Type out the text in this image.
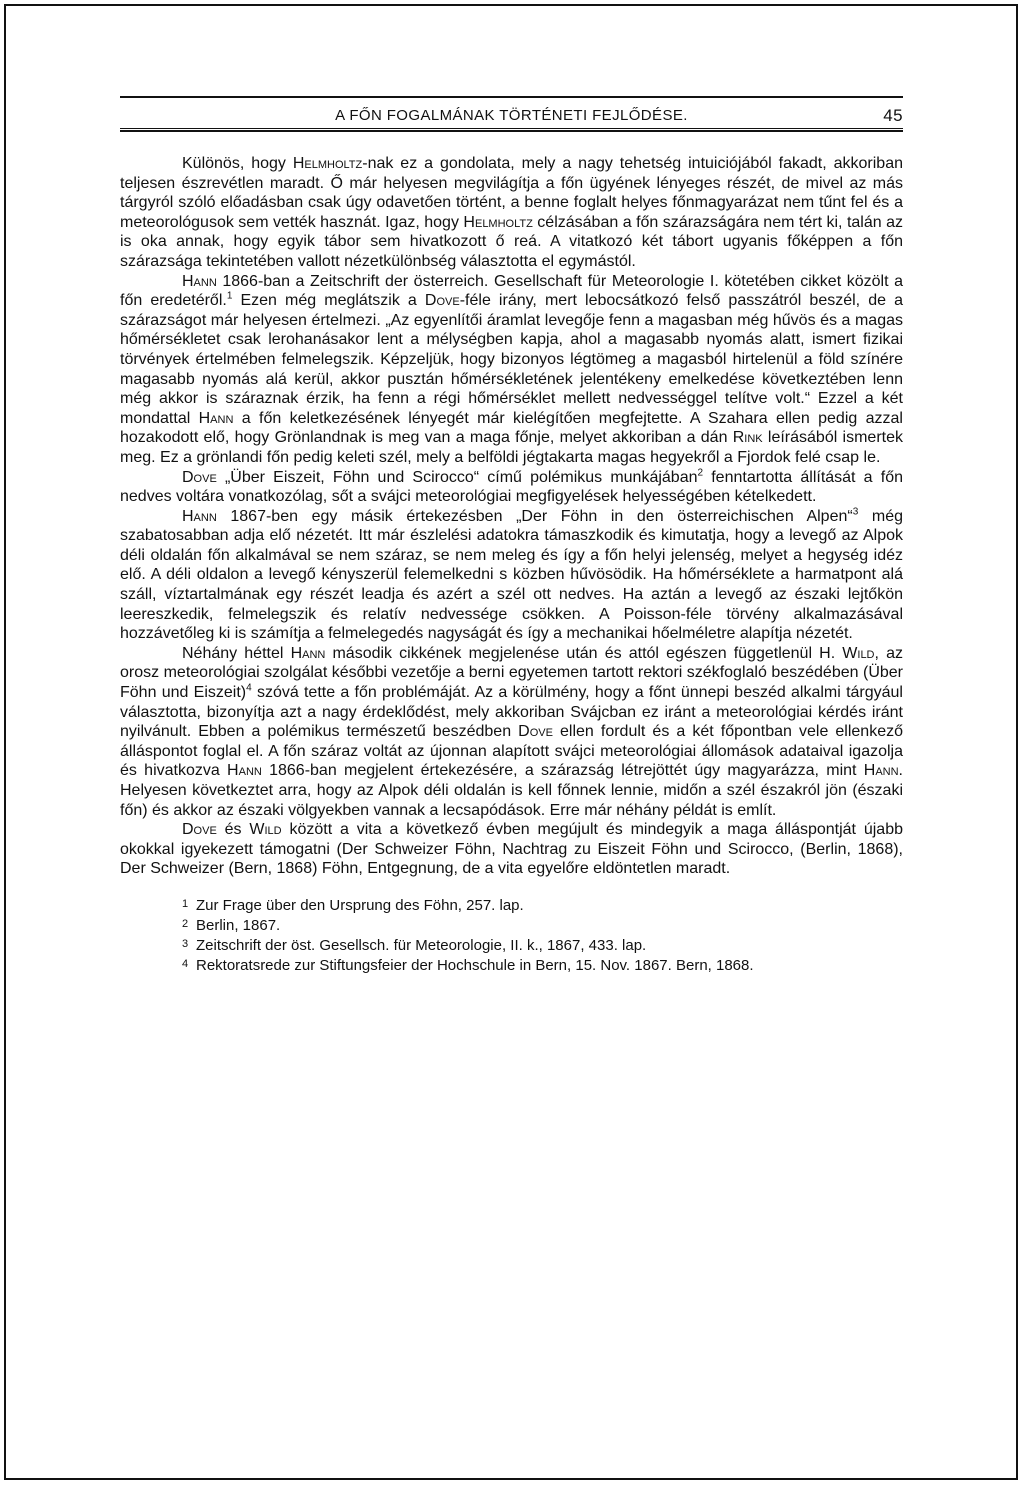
A FŐN FOGALMÁNAK TÖRTÉNETI FEJLŐDÉSE.	45

Különös, hogy Helmholtz-nak ez a gondolata, mely a nagy tehetség intuiciójából fakadt, akkoriban teljesen észrevétlen maradt. Ő már helyesen megvilágítja a főn ügyének lényeges részét, de mivel az más tárgyról szóló előadásban csak úgy odavetően történt, a benne foglalt helyes főnmagyarázat nem tűnt fel és a meteorológusok sem vették hasznát. Igaz, hogy Helmholtz célzásában a főn szárazságára nem tért ki, talán az is oka annak, hogy egyik tábor sem hivatkozott ő reá. A vitatkozó két tábort ugyanis főképpen a főn szárazsága tekintetében vallott nézetkülönbség választotta el egymástól.

Hann 1866-ban a Zeitschrift der österreich. Gesellschaft für Meteorologie I. kötetében cikket közölt a főn eredetéről.$^1$ Ezen még meglátszik a Dove-féle irány, mert lebocsátkozó felső passzátról beszél, de a szárazságot már helyesen értelmezi. „Az egyenlítői áramlat levegője fenn a magasban még hűvös és a magas hőmérsékletet csak lerohanásakor lent a mélységben kapja, ahol a magasabb nyomás alatt, ismert fizikai törvények értelmében felmelegszik. Képzeljük, hogy bizonyos légtömeg a magasból hirtelenül a föld színére magasabb nyomás alá kerül, akkor pusztán hőmérsékletének jelentékeny emelkedése következtében lenn még akkor is száraznak érzik, ha fenn a régi hőmérséklet mellett nedvességgel telítve volt.“ Ezzel a két mondattal Hann a főn keletkezésének lényegét már kielégítően megfejtette. A Szahara ellen pedig azzal hozakodott elő, hogy Grönlandnak is meg van a maga főnje, melyet akkoriban a dán Rink leírásából ismertek meg. Ez a grönlandi főn pedig keleti szél, mely a belföldi jégtakarta magas hegyekről a Fjordok felé csap le.

Dove „Über Eiszeit, Föhn und Scirocco“ című polémikus munkájában$^2$ fenntartotta állítását a főn nedves voltára vonatkozólag, sőt a svájci meteorológiai megfigyelések helyességében kételkedett.

Hann 1867-ben egy másik értekezésben „Der Föhn in den österreichischen Alpen“$^3$ még szabatosabban adja elő nézetét. Itt már észlelési adatokra támaszkodik és kimutatja, hogy a levegő az Alpok déli oldalán főn alkalmával se nem száraz, se nem meleg és így a főn helyi jelenség, melyet a hegység idéz elő. A déli oldalon a levegő kényszerül felemelkedni s közben hűvösödik. Ha hőmérséklete a harmatpont alá száll, víztartalmának egy részét leadja és azért a szél ott nedves. Ha aztán a levegő az északi lejtőkön leereszkedik, felmelegszik és relatív nedvessége csökken. A Poisson-féle törvény alkalmazásával hozzávetőleg ki is számítja a felmelegedés nagyságát és így a mechanikai hőelméletre alapítja nézetét.

Néhány héttel Hann második cikkének megjelenése után és attól egészen függetlenül H. Wild, az orosz meteorológiai szolgálat későbbi vezetője a berni egyetemen tartott rektori székfoglaló beszédében (Über Föhn und Eiszeit)$^4$ szóvá tette a főn problémáját. Az a körülmény, hogy a főnt ünnepi beszéd alkalmi tárgyául választotta, bizonyítja azt a nagy érdeklődést, mely akkoriban Svájcban ez iránt a meteorológiai kérdés iránt nyilvánult. Ebben a polémikus természetű beszédben Dove ellen fordult és a két főpontban vele ellenkező álláspontot foglal el. A főn száraz voltát az újonnan alapított svájci meteorológiai állomások adataival igazolja és hivatkozva Hann 1866-ban megjelent értekezésére, a szárazság létrejöttét úgy magyarázza, mint Hann. Helyesen következtet arra, hogy az Alpok déli oldalán is kell főnnek lennie, midőn a szél északról jön (északi főn) és akkor az északi völgyekben vannak a lecsapódások. Erre már néhány példát is említ.

Dove és Wild között a vita a következő évben megújult és mindegyik a maga álláspontját újabb okokkal igyekezett támogatni (Der Schweizer Föhn, Nachtrag zu Eiszeit Föhn und Scirocco, (Berlin, 1868), Der Schweizer (Bern, 1868) Föhn, Entgegnung, de a vita egyelőre eldöntetlen maradt.

1 Zur Frage über den Ursprung des Föhn, 257. lap.
2 Berlin, 1867.
3 Zeitschrift der öst. Gesellsch. für Meteorologie, II. k., 1867, 433. lap.
4 Rektoratsrede zur Stiftungsfeier der Hochschule in Bern, 15. Nov. 1867. Bern, 1868.
